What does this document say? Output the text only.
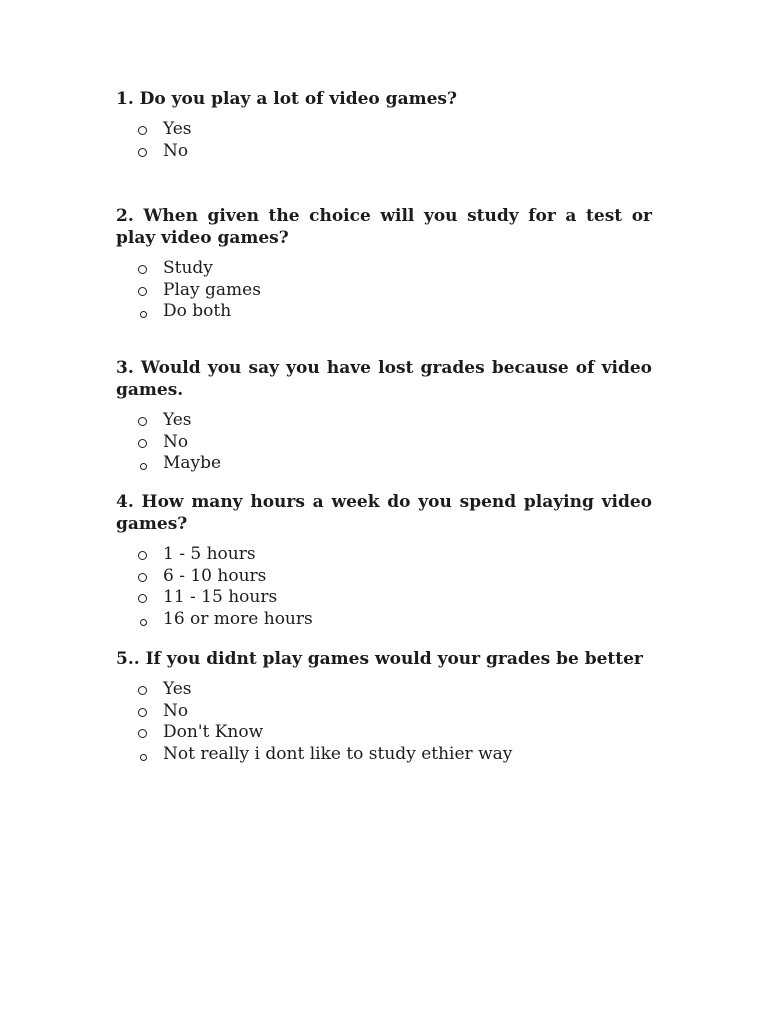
1. Do you play a lot of video games?

Yes
No

2. When given the choice will you study for a test or play video games?

Study
Play games
Do both

3. Would you say you have lost grades because of video games.

Yes
No
Maybe

4. How many hours a week do you spend playing video games?

1 - 5 hours
6 - 10 hours
11 - 15 hours
16 or more hours

5.. If you didnt play games would your grades be better

Yes
No
Don't Know
Not really i dont like to study ethier way
